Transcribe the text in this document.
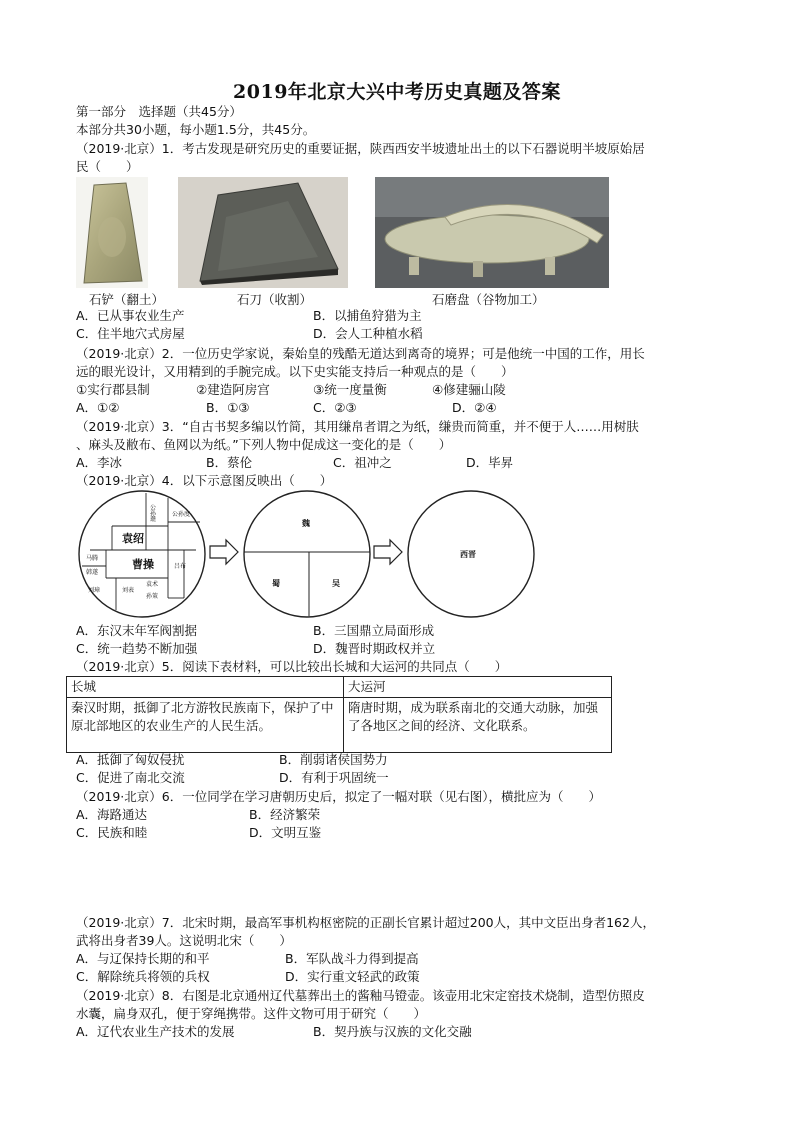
2019年北京大兴中考历史真题及答案
第一部分　选择题（共45分）
本部分共30小题，每小题1.5分，共45分。
（2019·北京）1．考古发现是研究历史的重要证据，陕西西安半坡遗址出土的以下石器说明半坡原始居
民（　　）
石铲（翻土）	石刀（收割）	石磨盘（谷物加工）
A．已从事农业生产	B．以捕鱼狩猎为主
C．住半地穴式房屋	D．会人工种植水稻
（2019·北京）2．一位历史学家说，秦始皇的残酷无道达到离奇的境界；可是他统一中国的工作，用长
远的眼光设计，又用精到的手腕完成。以下史实能支持后一种观点的是（　　）
①实行郡县制	②建造阿房宫	③统一度量衡	④修建骊山陵
A．①②	B．①③	C．②③	D．②④
（2019·北京）3．“自古书契多编以竹简，其用缣帛者谓之为纸，缣贵而简重，并不便于人……用树肤
、麻头及敝布、鱼网以为纸。”下列人物中促成这一变化的是（　　）
A．李冰	B．蔡伦	C．祖冲之	D．毕昇
（2019·北京）4．以下示意图反映出（　　）
公孙瓒	公孙度
袁绍
曹操
马腾
韩遂
刘璋	刘表
孙策
袁术
吕布
魏
蜀	吴
西晋
A．东汉末年军阀割据	B．三国鼎立局面形成
C．统一趋势不断加强	D．魏晋时期政权并立
（2019·北京）5．阅读下表材料，可以比较出长城和大运河的共同点（　　）
长城	大运河
秦汉时期，抵御了北方游牧民族南下，保护了中原北部地区的农业生产的人民生活。	隋唐时期，成为联系南北的交通大动脉，加强了各地区之间的经济、文化联系。
A．抵御了匈奴侵扰	B．削弱诸侯国势力
C．促进了南北交流	D．有利于巩固统一
（2019·北京）6．一位同学在学习唐朝历史后，拟定了一幅对联（见右图），横批应为（　　）
A．海路通达	B．经济繁荣
C．民族和睦	D．文明互鉴
（2019·北京）7．北宋时期，最高军事机构枢密院的正副长官累计超过200人，其中文臣出身者162人，
武将出身者39人。这说明北宋（　　）
A．与辽保持长期的和平	B．军队战斗力得到提高
C．解除统兵将领的兵权	D．实行重文轻武的政策
（2019·北京）8．右图是北京通州辽代墓葬出土的酱釉马镫壶。该壶用北宋定窑技术烧制，造型仿照皮
水囊，扁身双孔，便于穿绳携带。这件文物可用于研究（　　）
A．辽代农业生产技术的发展	B．契丹族与汉族的文化交融
